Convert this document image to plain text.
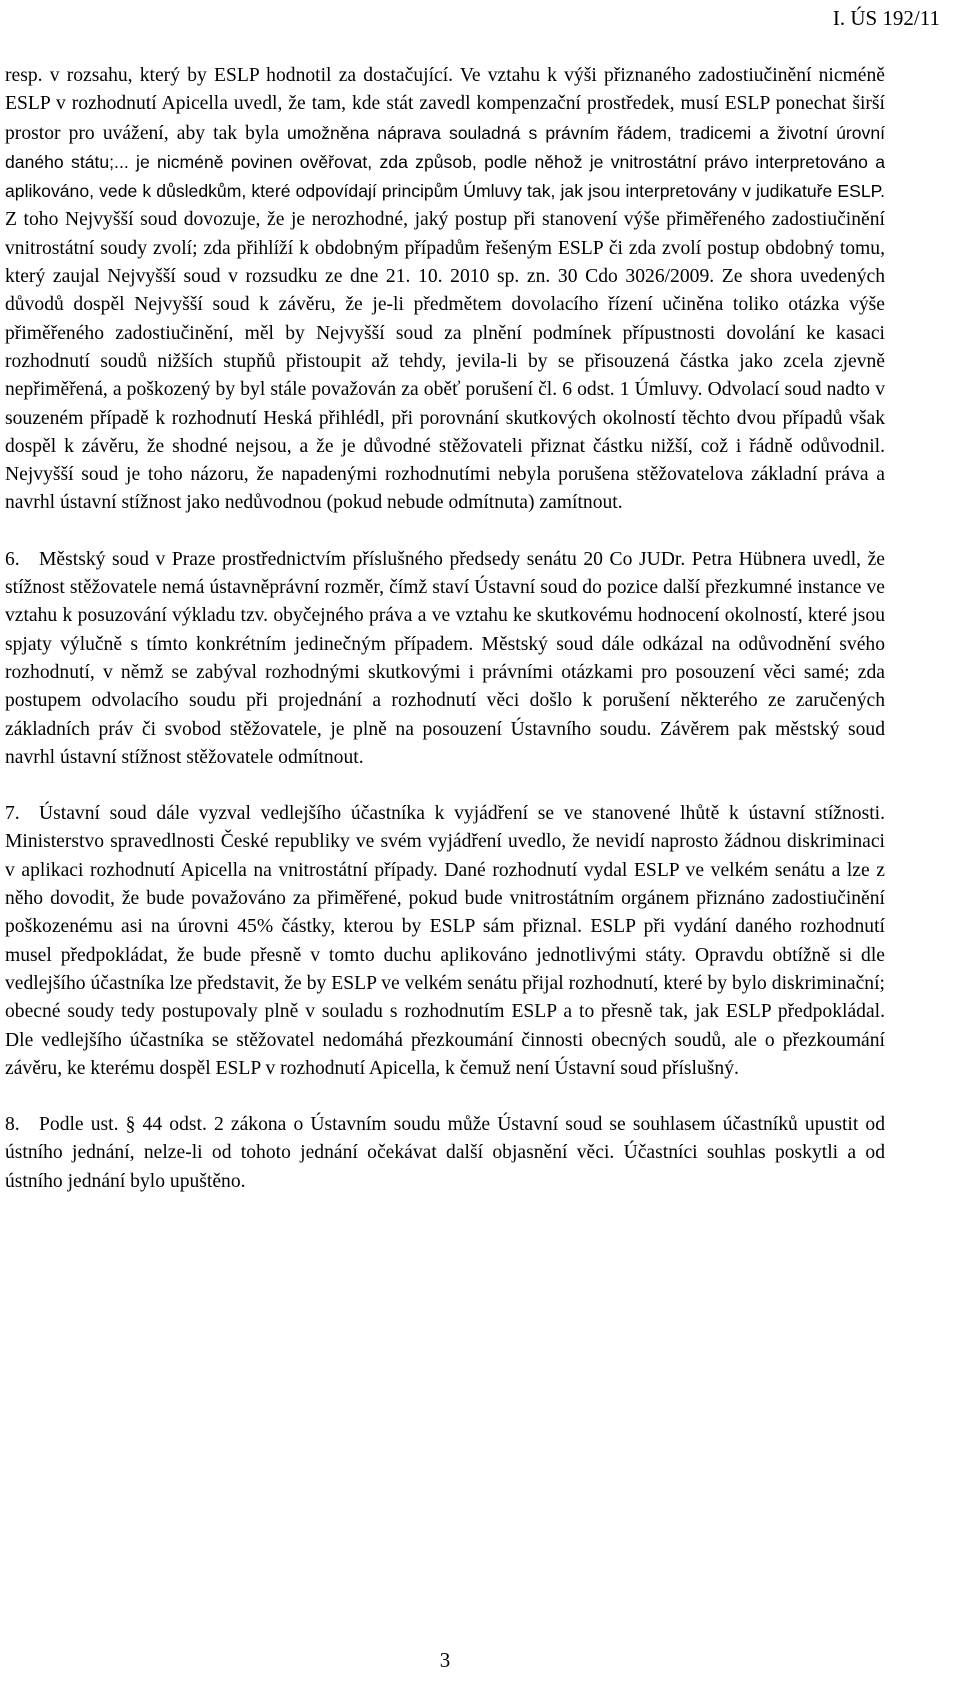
I. ÚS 192/11

resp. v rozsahu, který by ESLP hodnotil za dostačující. Ve vztahu k výši přiznaného zadostiučinění nicméně ESLP v rozhodnutí Apicella uvedl, že tam, kde stát zavedl kompenzační prostředek, musí ESLP ponechat širší prostor pro uvážení, aby tak byla umožněna náprava souladná s právním řádem, tradicemi a životní úrovní daného státu;... je nicméně povinen ověřovat, zda způsob, podle něhož je vnitrostátní právo interpretováno a aplikováno, vede k důsledkům, které odpovídají principům Úmluvy tak, jak jsou interpretovány v judikatuře ESLP. Z toho Nejvyšší soud dovozuje, že je nerozhodné, jaký postup při stanovení výše přiměřeného zadostiučinění vnitrostátní soudy zvolí; zda přihlíží k obdobným případům řešeným ESLP či zda zvolí postup obdobný tomu, který zaujal Nejvyšší soud v rozsudku ze dne 21. 10. 2010 sp. zn. 30 Cdo 3026/2009. Ze shora uvedených důvodů dospěl Nejvyšší soud k závěru, že je-li předmětem dovolacího řízení učiněna toliko otázka výše přiměřeného zadostiučinění, měl by Nejvyšší soud za plnění podmínek přípustnosti dovolání ke kasaci rozhodnutí soudů nižších stupňů přistoupit až tehdy, jevila-li by se přisouzená částka jako zcela zjevně nepřiměřená, a poškozený by byl stále považován za oběť porušení čl. 6 odst. 1 Úmluvy. Odvolací soud nadto v souzeném případě k rozhodnutí Heská přihlédl, při porovnání skutkových okolností těchto dvou případů však dospěl k závěru, že shodné nejsou, a že je důvodné stěžovateli přiznat částku nižší, což i řádně odůvodnil. Nejvyšší soud je toho názoru, že napadenými rozhodnutími nebyla porušena stěžovatelova základní práva a navrhl ústavní stížnost jako nedůvodnou (pokud nebude odmítnuta) zamítnout.

6. Městský soud v Praze prostřednictvím příslušného předsedy senátu 20 Co JUDr. Petra Hübnera uvedl, že stížnost stěžovatele nemá ústavněprávní rozměr, čímž staví Ústavní soud do pozice další přezkumné instance ve vztahu k posuzování výkladu tzv. obyčejného práva a ve vztahu ke skutkovému hodnocení okolností, které jsou spjaty výlučně s tímto konkrétním jedinečným případem. Městský soud dále odkázal na odůvodnění svého rozhodnutí, v němž se zabýval rozhodnými skutkovými i právními otázkami pro posouzení věci samé; zda postupem odvolacího soudu při projednání a rozhodnutí věci došlo k porušení některého ze zaručených základních práv či svobod stěžovatele, je plně na posouzení Ústavního soudu. Závěrem pak městský soud navrhl ústavní stížnost stěžovatele odmítnout.

7. Ústavní soud dále vyzval vedlejšího účastníka k vyjádření se ve stanovené lhůtě k ústavní stížnosti. Ministerstvo spravedlnosti České republiky ve svém vyjádření uvedlo, že nevidí naprosto žádnou diskriminaci v aplikaci rozhodnutí Apicella na vnitrostátní případy. Dané rozhodnutí vydal ESLP ve velkém senátu a lze z něho dovodit, že bude považováno za přiměřené, pokud bude vnitrostátním orgánem přiznáno zadostiučinění poškozenému asi na úrovni 45% částky, kterou by ESLP sám přiznal. ESLP při vydání daného rozhodnutí musel předpokládat, že bude přesně v tomto duchu aplikováno jednotlivými státy. Opravdu obtížně si dle vedlejšího účastníka lze představit, že by ESLP ve velkém senátu přijal rozhodnutí, které by bylo diskriminační; obecné soudy tedy postupovaly plně v souladu s rozhodnutím ESLP a to přesně tak, jak ESLP předpokládal. Dle vedlejšího účastníka se stěžovatel nedomáhá přezkoumání činnosti obecných soudů, ale o přezkoumání závěru, ke kterému dospěl ESLP v rozhodnutí Apicella, k čemuž není Ústavní soud příslušný.

8. Podle ust. § 44 odst. 2 zákona o Ústavním soudu může Ústavní soud se souhlasem účastníků upustit od ústního jednání, nelze-li od tohoto jednání očekávat další objasnění věci. Účastníci souhlas poskytli a od ústního jednání bylo upuštěno.

3
